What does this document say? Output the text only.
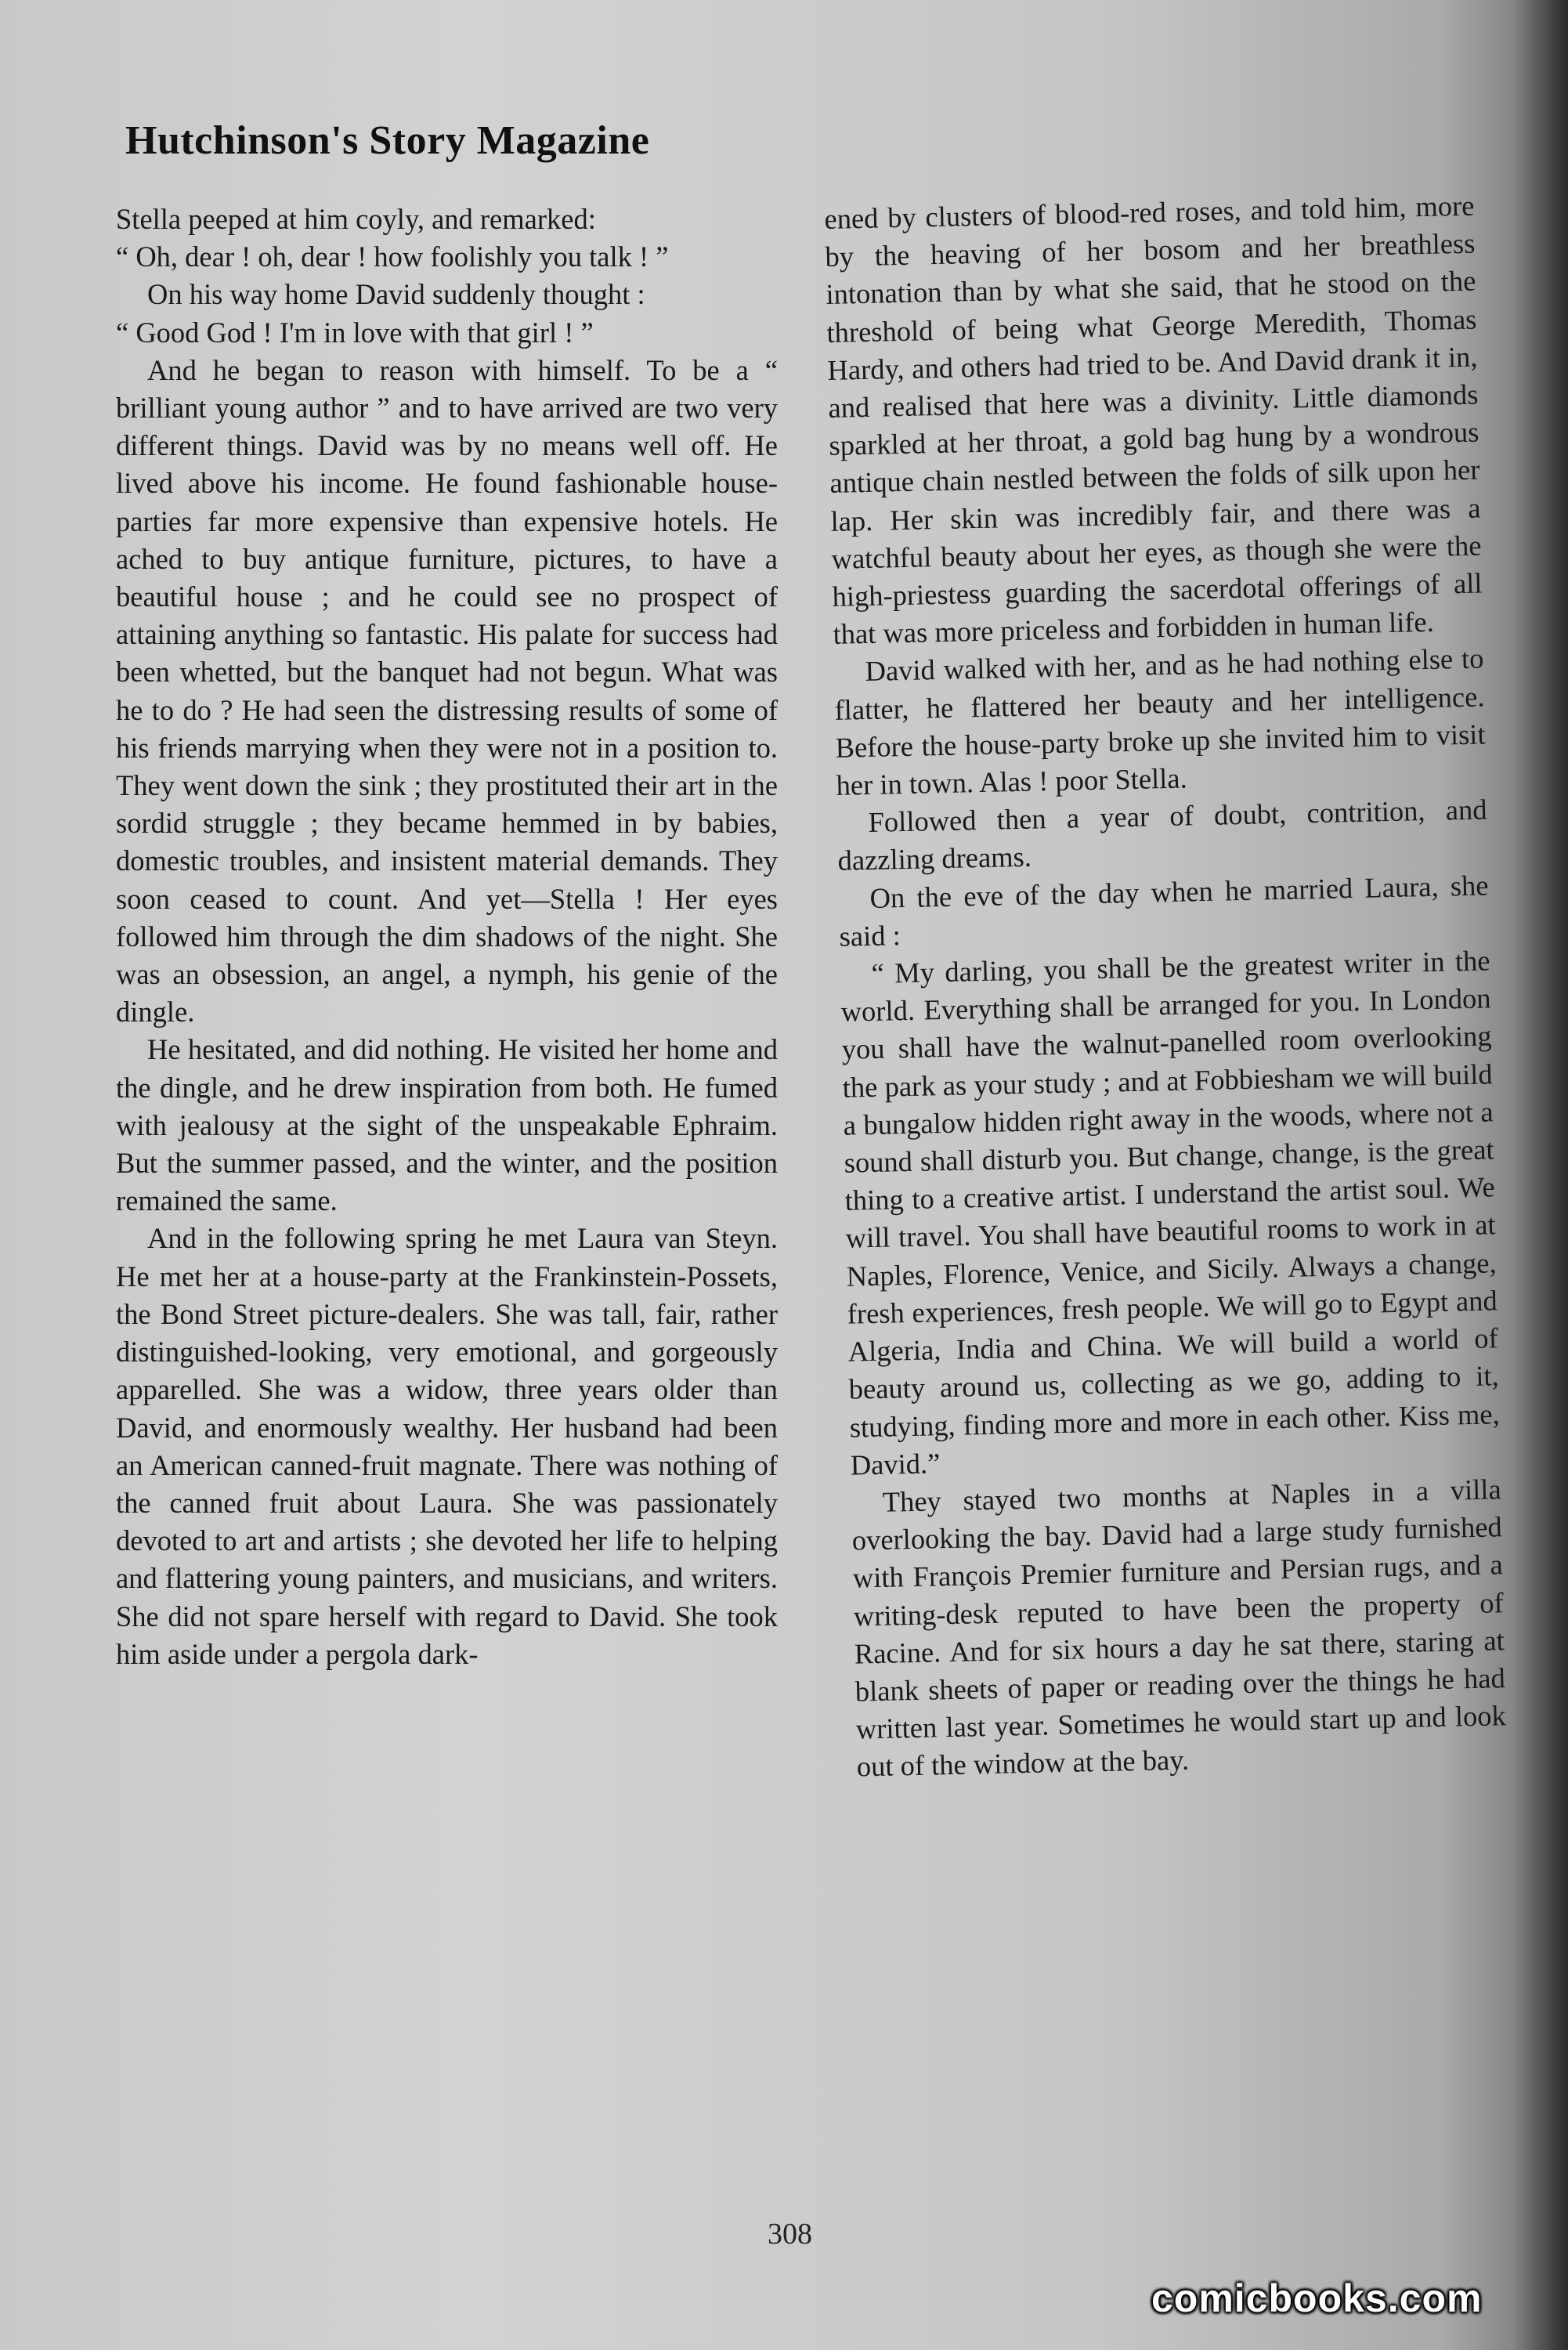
Hutchinson's Story Magazine

Stella peeped at him coyly, and remarked:

“ Oh, dear ! oh, dear ! how foolishly you talk ! ”

On his way home David suddenly thought :

“ Good God ! I'm in love with that girl ! ”

And he began to reason with himself. To be a “ brilliant young author ” and to have arrived are two very different things. David was by no means well off. He lived above his income. He found fashionable house-parties far more expensive than expensive hotels. He ached to buy antique furniture, pictures, to have a beautiful house ; and he could see no prospect of attaining anything so fantastic. His palate for success had been whetted, but the banquet had not begun. What was he to do ? He had seen the distressing results of some of his friends marrying when they were not in a position to. They went down the sink ; they prostituted their art in the sordid struggle ; they became hemmed in by babies, domestic troubles, and insistent material demands. They soon ceased to count. And yet—Stella ! Her eyes followed him through the dim shadows of the night. She was an obsession, an angel, a nymph, his genie of the dingle.

He hesitated, and did nothing. He visited her home and the dingle, and he drew inspiration from both. He fumed with jealousy at the sight of the unspeakable Ephraim. But the summer passed, and the winter, and the position remained the same.

And in the following spring he met Laura van Steyn. He met her at a house-party at the Frankinstein-Possets, the Bond Street picture-dealers. She was tall, fair, rather distinguished-looking, very emotional, and gorgeously apparelled. She was a widow, three years older than David, and enormously wealthy. Her husband had been an American canned-fruit magnate. There was nothing of the canned fruit about Laura. She was passionately devoted to art and artists ; she devoted her life to helping and flattering young painters, and musicians, and writers. She did not spare herself with regard to David. She took him aside under a pergola dark-

ened by clusters of blood-red roses, and told him, more by the heaving of her bosom and her breathless intonation than by what she said, that he stood on the threshold of being what George Meredith, Thomas Hardy, and others had tried to be. And David drank it in, and realised that here was a divinity. Little diamonds sparkled at her throat, a gold bag hung by a wondrous antique chain nestled between the folds of silk upon her lap. Her skin was incredibly fair, and there was a watchful beauty about her eyes, as though she were the high-priestess guarding the sacerdotal offerings of all that was more priceless and forbidden in human life.

David walked with her, and as he had nothing else to flatter, he flattered her beauty and her intelligence. Before the house-party broke up she invited him to visit her in town. Alas ! poor Stella.

Followed then a year of doubt, contrition, and dazzling dreams.

On the eve of the day when he married Laura, she said :

“ My darling, you shall be the greatest writer in the world. Everything shall be arranged for you. In London you shall have the walnut-panelled room overlooking the park as your study ; and at Fobbiesham we will build a bungalow hidden right away in the woods, where not a sound shall disturb you. But change, change, is the great thing to a creative artist. I understand the artist soul. We will travel. You shall have beautiful rooms to work in at Naples, Florence, Venice, and Sicily. Always a change, fresh experiences, fresh people. We will go to Egypt and Algeria, India and China. We will build a world of beauty around us, collecting as we go, adding to it, studying, finding more and more in each other. Kiss me, David.”

They stayed two months at Naples in a villa overlooking the bay. David had a large study furnished with François Premier furniture and Persian rugs, and a writing-desk reputed to have been the property of Racine. And for six hours a day he sat there, staring at blank sheets of paper or reading over the things he had written last year. Sometimes he would start up and look out of the window at the bay.

308
comicbooks.com
